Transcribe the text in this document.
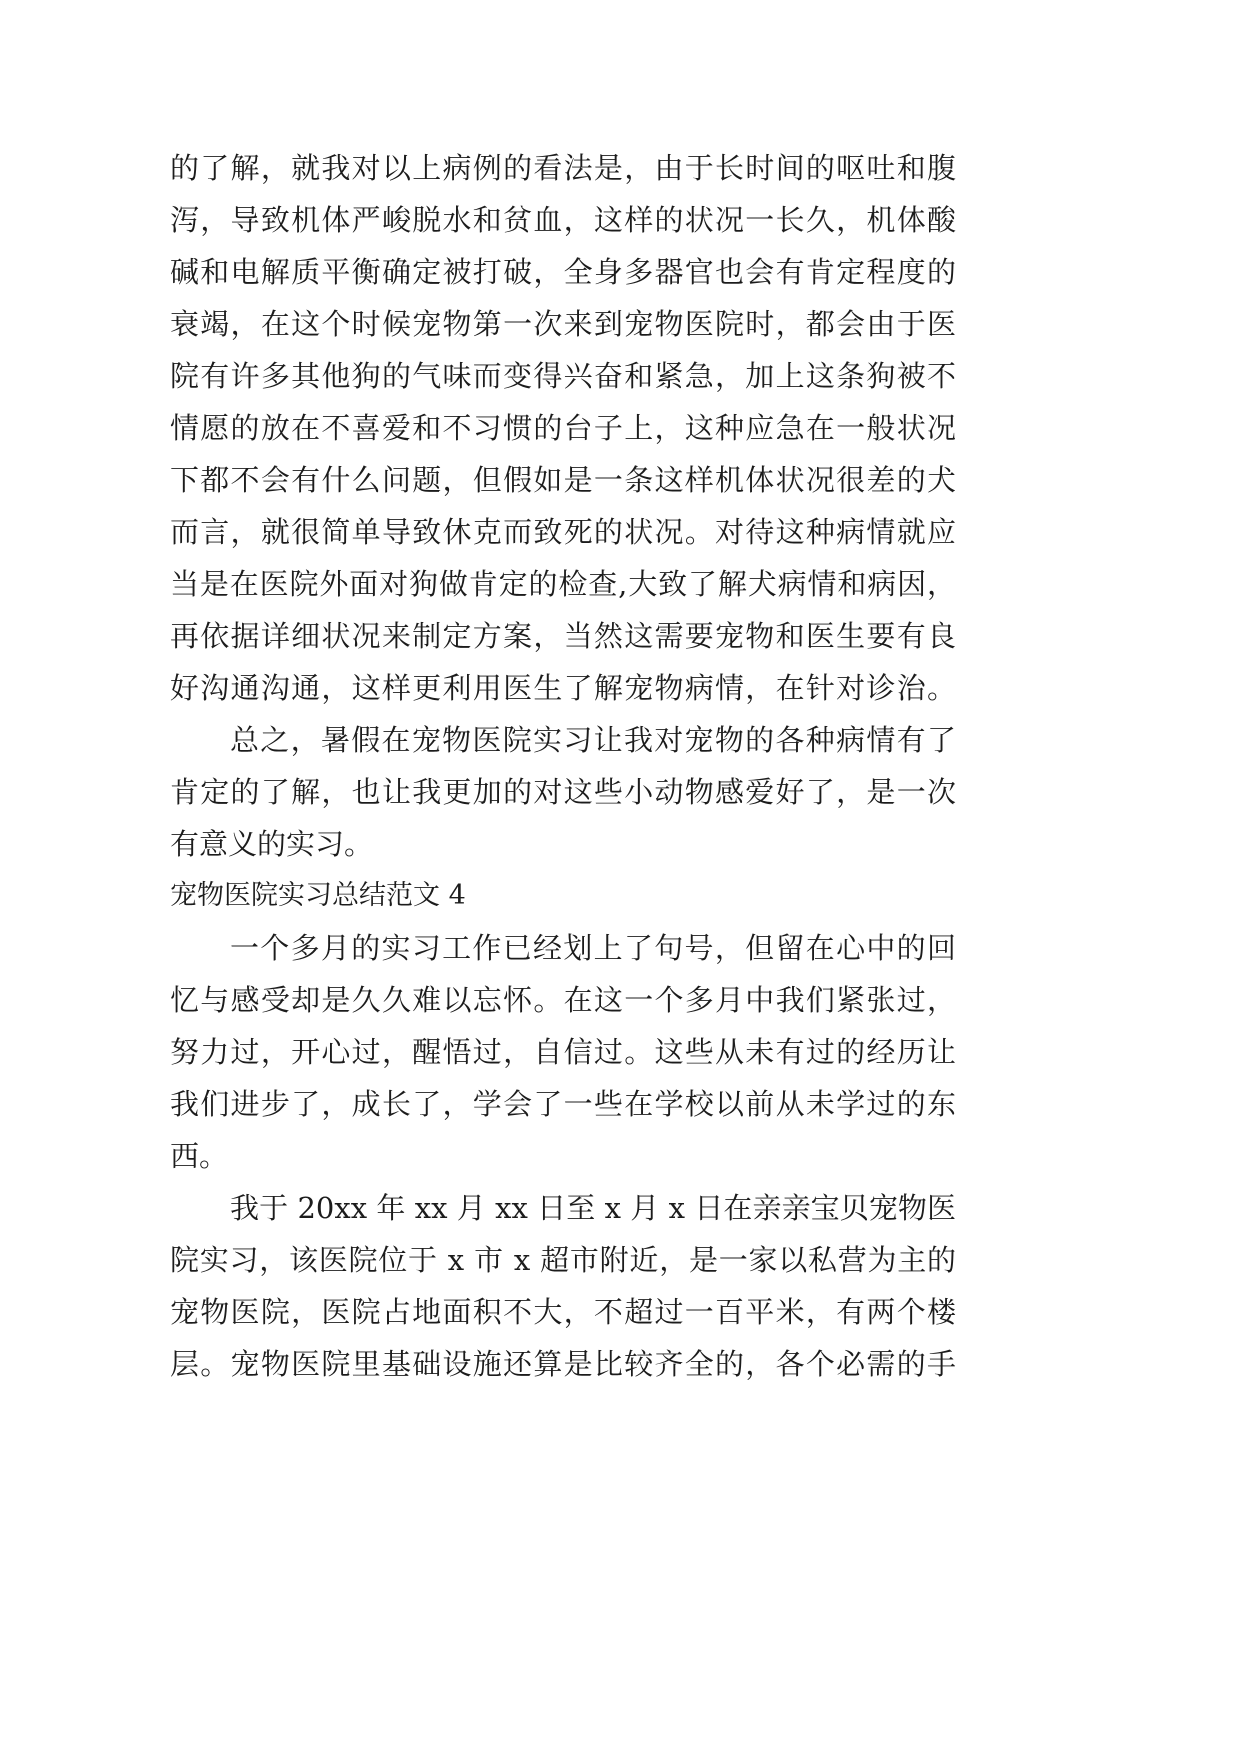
的了解，就我对以上病例的看法是，由于长时间的呕吐和腹
泻，导致机体严峻脱水和贫血，这样的状况一长久，机体酸
碱和电解质平衡确定被打破，全身多器官也会有肯定程度的
衰竭，在这个时候宠物第一次来到宠物医院时，都会由于医
院有许多其他狗的气味而变得兴奋和紧急，加上这条狗被不
情愿的放在不喜爱和不习惯的台子上，这种应急在一般状况
下都不会有什么问题，但假如是一条这样机体状况很差的犬
而言，就很简单导致休克而致死的状况。对待这种病情就应
当是在医院外面对狗做肯定的检查,大致了解犬病情和病因，
再依据详细状况来制定方案，当然这需要宠物和医生要有良
好沟通沟通，这样更利用医生了解宠物病情，在针对诊治。
总之，暑假在宠物医院实习让我对宠物的各种病情有了
肯定的了解，也让我更加的对这些小动物感爱好了，是一次
有意义的实习。
宠物医院实习总结范文 4
一个多月的实习工作已经划上了句号，但留在心中的回
忆与感受却是久久难以忘怀。在这一个多月中我们紧张过，
努力过，开心过，醒悟过，自信过。这些从未有过的经历让
我们进步了，成长了，学会了一些在学校以前从未学过的东
西。
我于 20xx 年 xx 月 xx 日至 x 月 x 日在亲亲宝贝宠物医
院实习，该医院位于 x 市 x 超市附近，是一家以私营为主的
宠物医院，医院占地面积不大，不超过一百平米，有两个楼
层。宠物医院里基础设施还算是比较齐全的，各个必需的手
